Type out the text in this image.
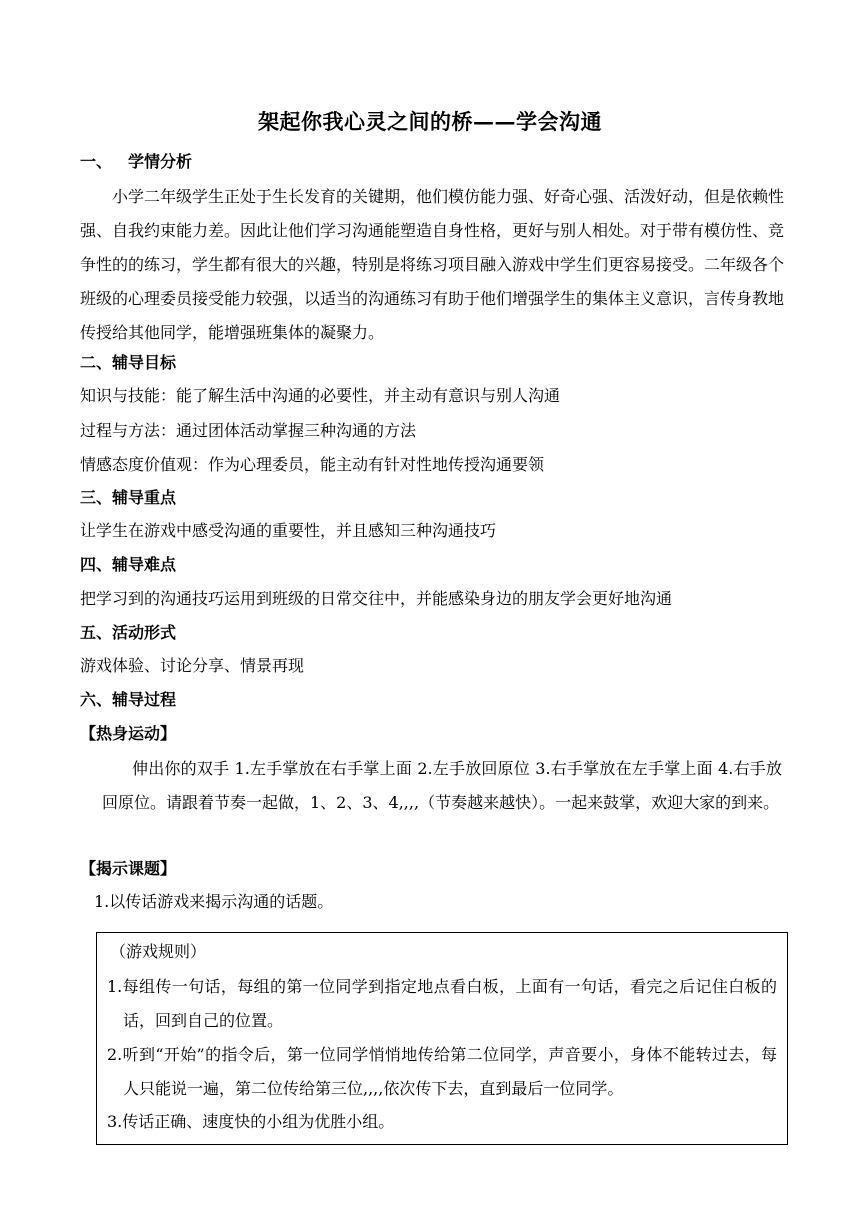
架起你我心灵之间的桥——学会沟通
一、 学情分析
小学二年级学生正处于生长发育的关键期，他们模仿能力强、好奇心强、活泼好动，但是依赖性强、自我约束能力差。因此让他们学习沟通能塑造自身性格，更好与别人相处。对于带有模仿性、竞争性的的练习，学生都有很大的兴趣，特别是将练习项目融入游戏中学生们更容易接受。二年级各个班级的心理委员接受能力较强，以适当的沟通练习有助于他们增强学生的集体主义意识，言传身教地传授给其他同学，能增强班集体的凝聚力。
二、辅导目标
知识与技能：能了解生活中沟通的必要性，并主动有意识与别人沟通
过程与方法：通过团体活动掌握三种沟通的方法
情感态度价值观：作为心理委员，能主动有针对性地传授沟通要领
三、辅导重点
让学生在游戏中感受沟通的重要性，并且感知三种沟通技巧
四、辅导难点
把学习到的沟通技巧运用到班级的日常交往中，并能感染身边的朋友学会更好地沟通
五、活动形式
游戏体验、讨论分享、情景再现
六、辅导过程
【热身运动】
伸出你的双手 1.左手掌放在右手掌上面 2.左手放回原位 3.右手掌放在左手掌上面 4.右手放回原位。请跟着节奏一起做，1、2、3、4,,,,（节奏越来越快）。一起来鼓掌，欢迎大家的到来。
【揭示课题】
1.以传话游戏来揭示沟通的话题。
（游戏规则）
1.每组传一句话，每组的第一位同学到指定地点看白板，上面有一句话，看完之后记住白板的话，回到自己的位置。
2.听到“开始”的指令后，第一位同学悄悄地传给第二位同学，声音要小，身体不能转过去，每人只能说一遍，第二位传给第三位,,,,依次传下去，直到最后一位同学。
3.传话正确、速度快的小组为优胜小组。
